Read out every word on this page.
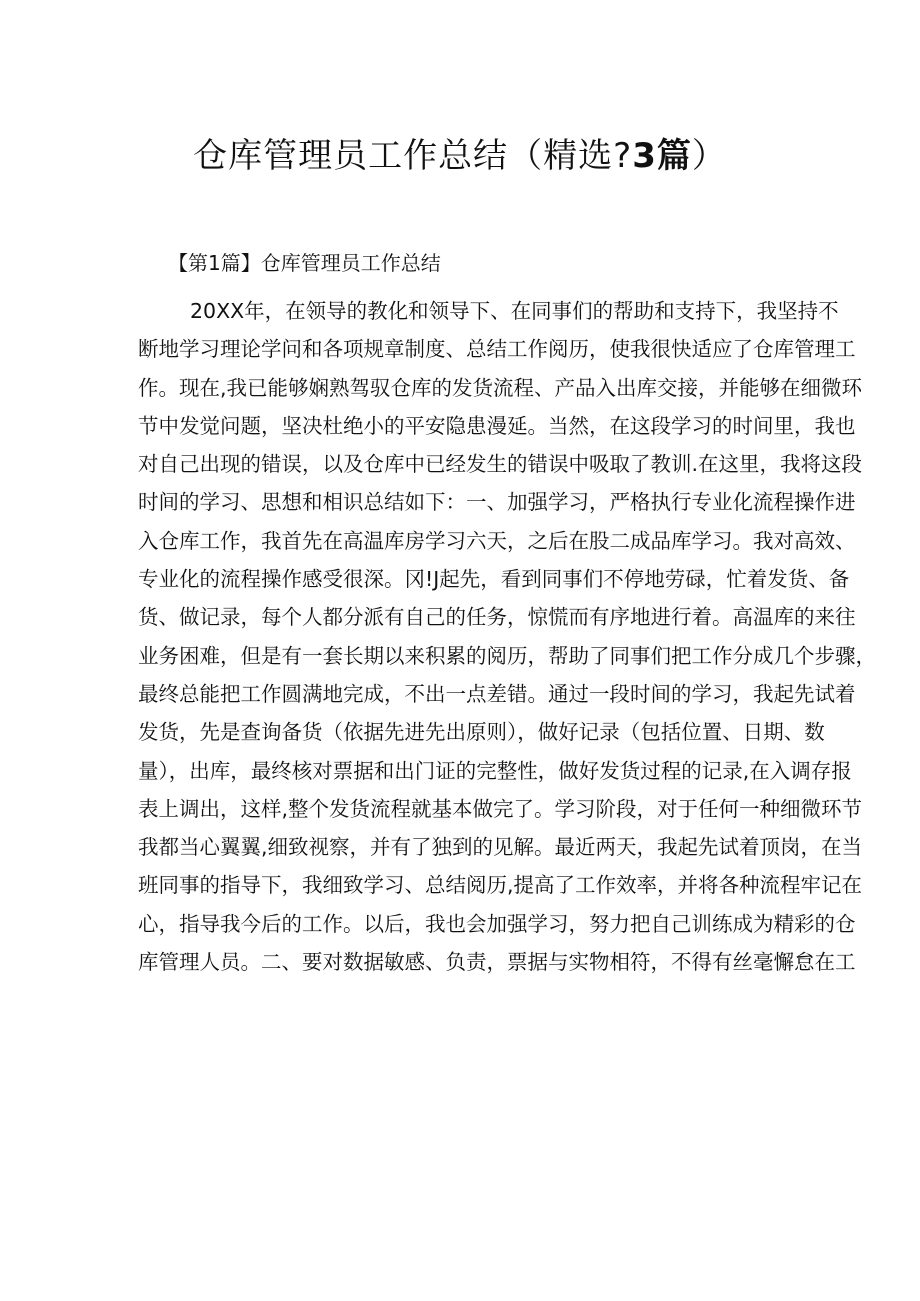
仓库管理员工作总结（精选?3篇）
【第1篇】仓库管理员工作总结
20XX年，在领导的教化和领导下、在同事们的帮助和支持下，我坚持不
断地学习理论学问和各项规章制度、总结工作阅历，使我很快适应了仓库管理工
作。现在,我已能够娴熟驾驭仓库的发货流程、产品入出库交接，并能够在细微环
节中发觉问题，坚决杜绝小的平安隐患漫延。当然，在这段学习的时间里，我也
对自己出现的错误，以及仓库中已经发生的错误中吸取了教训.在这里，我将这段
时间的学习、思想和相识总结如下：一、加强学习，严格执行专业化流程操作进
入仓库工作，我首先在高温库房学习六天，之后在股二成品库学习。我对高效、
专业化的流程操作感受很深。冈!J起先，看到同事们不停地劳碌，忙着发货、备
货、做记录，每个人都分派有自己的任务，惊慌而有序地进行着。高温库的来往
业务困难，但是有一套长期以来积累的阅历，帮助了同事们把工作分成几个步骤，
最终总能把工作圆满地完成，不出一点差错。通过一段时间的学习，我起先试着
发货，先是查询备货（依据先进先出原则），做好记录（包括位置、日期、数
量），出库，最终核对票据和出门证的完整性，做好发货过程的记录,在入调存报
表上调出，这样,整个发货流程就基本做完了。学习阶段，对于任何一种细微环节
我都当心翼翼,细致视察，并有了独到的见解。最近两天，我起先试着顶岗，在当
班同事的指导下，我细致学习、总结阅历,提高了工作效率，并将各种流程牢记在
心，指导我今后的工作。以后，我也会加强学习，努力把自己训练成为精彩的仓
库管理人员。二、要对数据敏感、负责，票据与实物相符，不得有丝毫懈怠在工
